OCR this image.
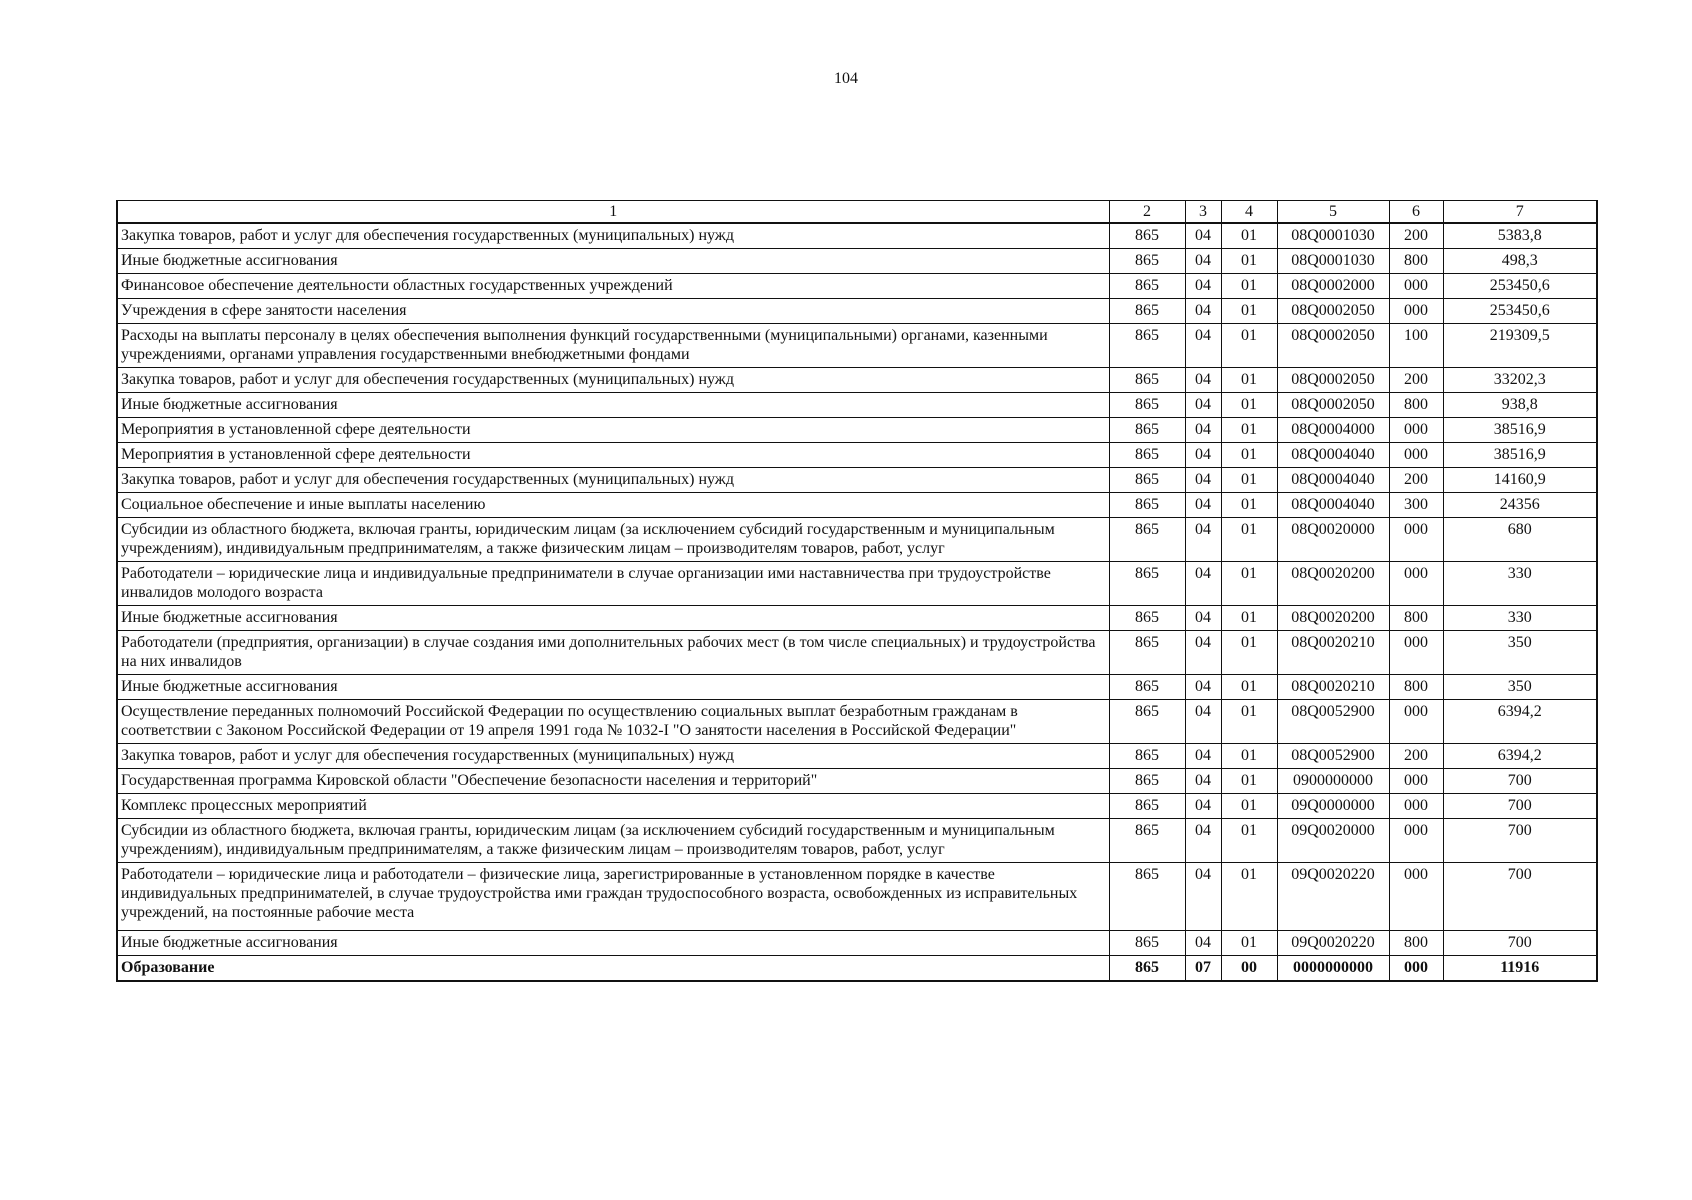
104
1	2	3	4	5	6	7
Закупка товаров, работ и услуг для обеспечения государственных (муниципальных) нужд	865	04	01	08Q0001030	200	5383,8
Иные бюджетные ассигнования	865	04	01	08Q0001030	800	498,3
Финансовое обеспечение деятельности областных государственных учреждений	865	04	01	08Q0002000	000	253450,6
Учреждения в сфере занятости населения	865	04	01	08Q0002050	000	253450,6
Расходы на выплаты персоналу в целях обеспечения выполнения функций государственными (муниципальными) органами, казенными учреждениями, органами управления государственными внебюджетными фондами	865	04	01	08Q0002050	100	219309,5
Закупка товаров, работ и услуг для обеспечения государственных (муниципальных) нужд	865	04	01	08Q0002050	200	33202,3
Иные бюджетные ассигнования	865	04	01	08Q0002050	800	938,8
Мероприятия в установленной сфере деятельности	865	04	01	08Q0004000	000	38516,9
Мероприятия в установленной сфере деятельности	865	04	01	08Q0004040	000	38516,9
Закупка товаров, работ и услуг для обеспечения государственных (муниципальных) нужд	865	04	01	08Q0004040	200	14160,9
Социальное обеспечение и иные выплаты населению	865	04	01	08Q0004040	300	24356
Субсидии из областного бюджета, включая гранты, юридическим лицам (за исключением субсидий государственным и муниципальным учреждениям), индивидуальным предпринимателям, а также физическим лицам – производителям товаров, работ, услуг	865	04	01	08Q0020000	000	680
Работодатели – юридические лица и индивидуальные предприниматели в случае организации ими наставничества при трудоустройстве инвалидов молодого возраста	865	04	01	08Q0020200	000	330
Иные бюджетные ассигнования	865	04	01	08Q0020200	800	330
Работодатели (предприятия, организации) в случае создания ими дополнительных рабочих мест (в том числе специальных) и трудоустройства на них инвалидов	865	04	01	08Q0020210	000	350
Иные бюджетные ассигнования	865	04	01	08Q0020210	800	350
Осуществление переданных полномочий Российской Федерации по осуществлению социальных выплат безработным гражданам в соответствии с Законом Российской Федерации от 19 апреля 1991 года № 1032-I "О занятости населения в Российской Федерации"	865	04	01	08Q0052900	000	6394,2
Закупка товаров, работ и услуг для обеспечения государственных (муниципальных) нужд	865	04	01	08Q0052900	200	6394,2
Государственная программа Кировской области "Обеспечение безопасности населения и территорий"	865	04	01	0900000000	000	700
Комплекс процессных мероприятий	865	04	01	09Q0000000	000	700
Субсидии из областного бюджета, включая гранты, юридическим лицам (за исключением субсидий государственным и муниципальным учреждениям), индивидуальным предпринимателям, а также физическим лицам – производителям товаров, работ, услуг	865	04	01	09Q0020000	000	700
Работодатели – юридические лица и работодатели – физические лица, зарегистрированные в установленном порядке в качестве индивидуальных предпринимателей, в случае трудоустройства ими граждан трудоспособного возраста, освобожденных из исправительных учреждений, на постоянные рабочие места	865	04	01	09Q0020220	000	700
Иные бюджетные ассигнования	865	04	01	09Q0020220	800	700
Образование	865	07	00	0000000000	000	11916
